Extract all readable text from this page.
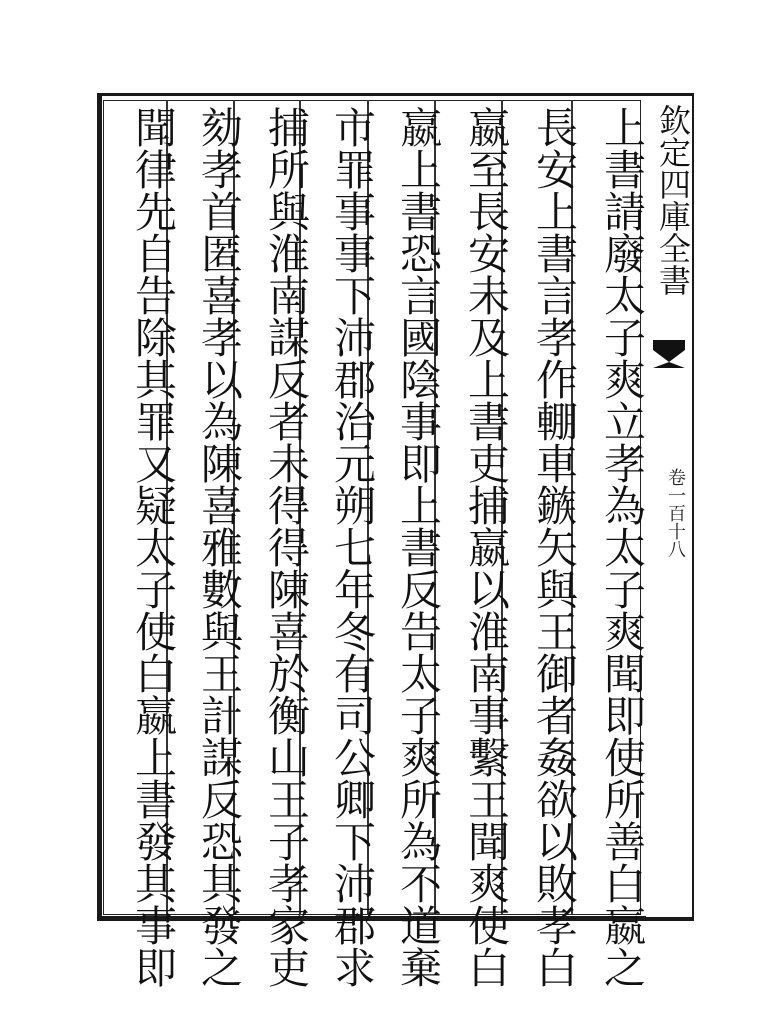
上書請廢太子爽立孝為太子爽聞即使所善白嬴之
長安上書言孝作輣車鏃矢與王御者姦欲以敗孝白
嬴至長安未及上書吏捕嬴以淮南事繫王聞爽使白
嬴上書恐言國陰事即上書反告太子爽所為不道棄
市罪事事下沛郡治元朔七年冬有司公卿下沛郡求
捕所與淮南謀反者未得得陳喜於衡山王子孝家吏
劾孝首匿喜孝以為陳喜雅數與王計謀反恐其發之
聞律先自告除其罪又疑太子使白嬴上書發其事即	欽定四庫全書
卷一百十八
